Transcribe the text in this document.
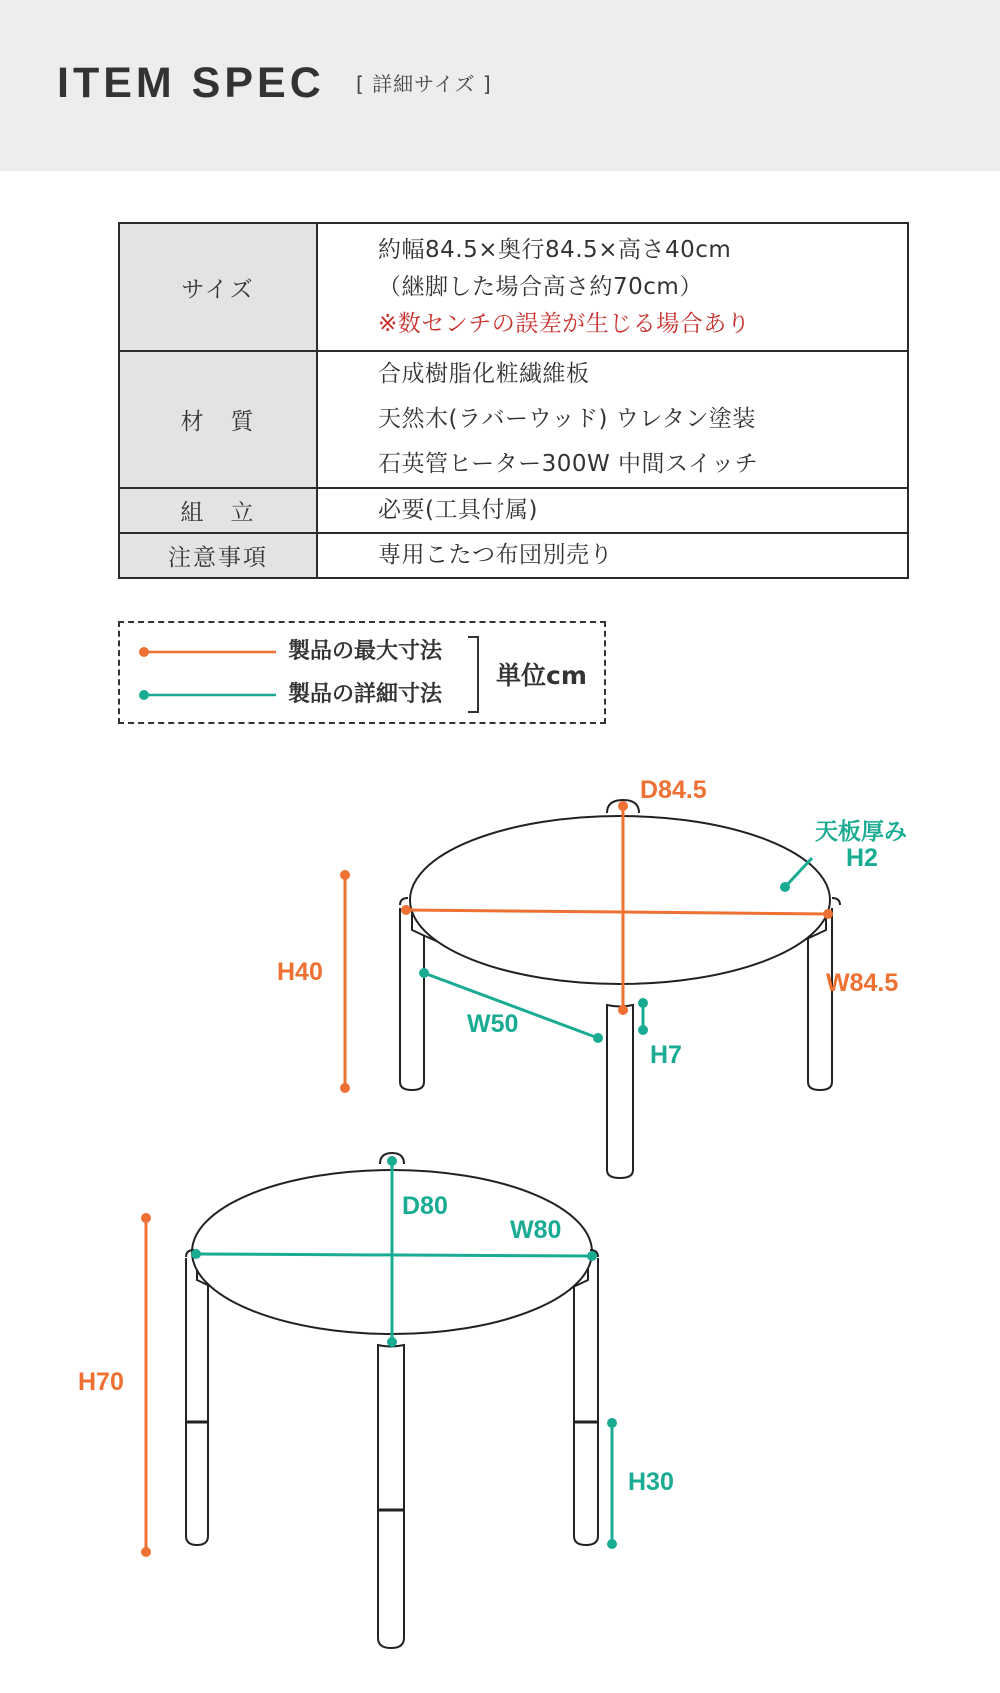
ITEM SPEC [ 詳細サイズ ]
サイズ	約幅84.5×奥行84.5×高さ40cm
（継脚した場合高さ約70cm）
※数センチの誤差が生じる場合あり

材　質	合成樹脂化粧繊維板
天然木(ラバーウッド) ウレタン塗装
石英管ヒーター300W 中間スイッチ

組　立	必要(工具付属)
注意事項	専用こたつ布団別売り
製品の最大寸法
製品の詳細寸法
単位cm
D84.5
W84.5
H40
天板厚み
H2
W50
H7
D80
W80
H70
H30
